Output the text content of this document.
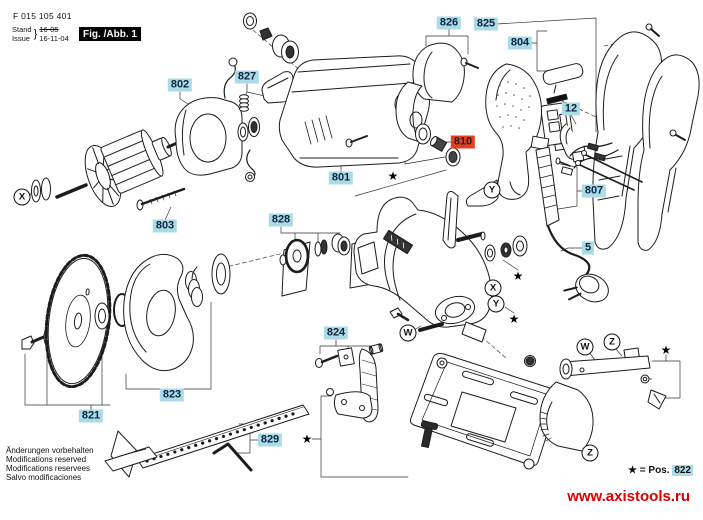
F 015 105 401
Stand
Issue } 16-05
16-11-04	Fig. /Abb. 1
802
827
803
801
826 825
804
12
810
807
5
828
824
823
821
829
X
Y
X
Y
W
W	Z
Z
★
★
★
★
★

Änderungen vorbehalten

Modifications reserved

Modifications reservees

Salvo modificaciones

★ = Pos. 822
www.axistools.ru
